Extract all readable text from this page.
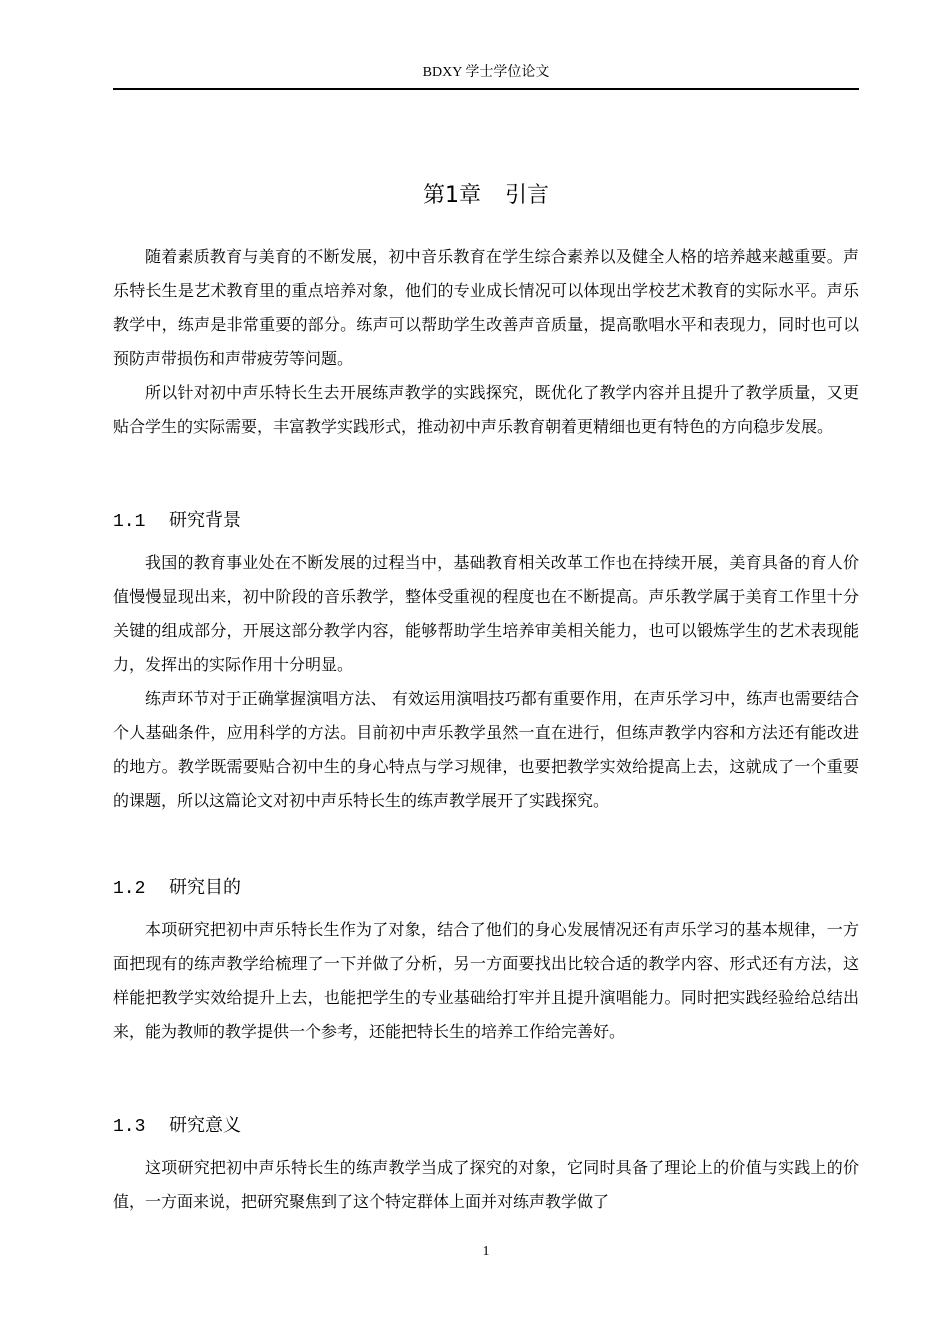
BDXY 学士学位论文
第1章 引言

随着素质教育与美育的不断发展，初中音乐教育在学生综合素养以及健全人格的培养越来越重要。声乐特长生是艺术教育里的重点培养对象，他们的专业成长情况可以体现出学校艺术教育的实际水平。声乐教学中，练声是非常重要的部分。练声可以帮助学生改善声音质量，提高歌唱水平和表现力，同时也可以预防声带损伤和声带疲劳等问题。

所以针对初中声乐特长生去开展练声教学的实践探究，既优化了教学内容并且提升了教学质量，又更贴合学生的实际需要，丰富教学实践形式，推动初中声乐教育朝着更精细也更有特色的方向稳步发展。

1.1 研究背景

我国的教育事业处在不断发展的过程当中，基础教育相关改革工作也在持续开展，美育具备的育人价值慢慢显现出来，初中阶段的音乐教学，整体受重视的程度也在不断提高。声乐教学属于美育工作里十分关键的组成部分，开展这部分教学内容，能够帮助学生培养审美相关能力，也可以锻炼学生的艺术表现能力，发挥出的实际作用十分明显。

练声环节对于正确掌握演唱方法、 有效运用演唱技巧都有重要作用，在声乐学习中，练声也需要结合个人基础条件，应用科学的方法。目前初中声乐教学虽然一直在进行，但练声教学内容和方法还有能改进的地方。教学既需要贴合初中生的身心特点与学习规律，也要把教学实效给提高上去，这就成了一个重要的课题，所以这篇论文对初中声乐特长生的练声教学展开了实践探究。

1.2 研究目的

本项研究把初中声乐特长生作为了对象，结合了他们的身心发展情况还有声乐学习的基本规律，一方面把现有的练声教学给梳理了一下并做了分析，另一方面要找出比较合适的教学内容、形式还有方法，这样能把教学实效给提升上去，也能把学生的专业基础给打牢并且提升演唱能力。同时把实践经验给总结出来，能为教师的教学提供一个参考，还能把特长生的培养工作给完善好。

1.3 研究意义

这项研究把初中声乐特长生的练声教学当成了探究的对象，它同时具备了理论上的价值与实践上的价值，一方面来说，把研究聚焦到了这个特定群体上面并对练声教学做了

1
